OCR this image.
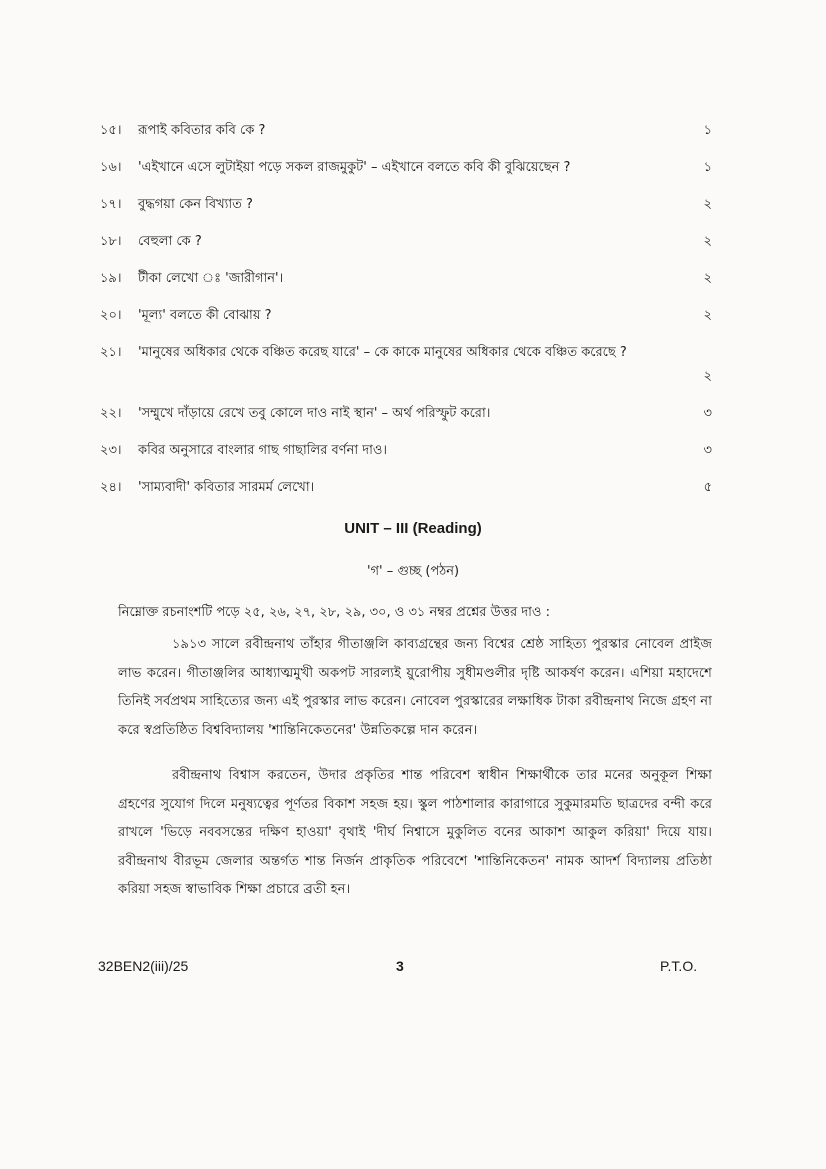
১৫।	রূপাই কবিতার কবি কে ?	১
১৬।	'এইখানে এসে লুটাইয়া পড়ে সকল রাজমুকুট' – এইখানে বলতে কবি কী বুঝিয়েছেন ?	১
১৭।	বুদ্ধগয়া কেন বিখ্যাত ?	২
১৮।	বেহুলা কে ?	২
১৯।	টীকা লেখো ঃ 'জারীগান'।	২
২০।	'মূল্য' বলতে কী বোঝায় ?	২
২১।	'মানুষের অধিকার থেকে বঞ্চিত করেছ যারে' – কে কাকে মানুষের অধিকার থেকে বঞ্চিত করেছে ?
২
২২।	'সম্মুখে দাঁড়ায়ে রেখে তবু কোলে দাও নাই স্থান' – অর্থ পরিস্ফুট করো।	৩
২৩।	কবির অনুসারে বাংলার গাছ গাছালির বর্ণনা দাও।	৩
২৪।	'সাম্যবাদী' কবিতার সারমর্ম লেখো।	৫
UNIT – III (Reading)
'গ' – গুচ্ছ (পঠন)
নিম্নোক্ত রচনাংশটি পড়ে ২৫, ২৬, ২৭, ২৮, ২৯, ৩০, ও ৩১ নম্বর প্রশ্নের উত্তর দাও :
১৯১৩ সালে রবীন্দ্রনাথ তাঁহার গীতাঞ্জলি কাব্যগ্রন্থের জন্য বিশ্বের শ্রেষ্ঠ সাহিত্য পুরস্কার নোবেল প্রাইজ লাভ করেন। গীতাঞ্জলির আধ্যাত্মমুখী অকপট সারল্যই য়ুরোপীয় সুধীমণ্ডলীর দৃষ্টি আকর্ষণ করেন। এশিয়া মহাদেশে তিনিই সর্বপ্রথম সাহিত্যের জন্য এই পুরস্কার লাভ করেন। নোবেল পুরস্কারের লক্ষাধিক টাকা রবীন্দ্রনাথ নিজে গ্রহণ না করে স্বপ্রতিষ্ঠিত বিশ্ববিদ্যালয় 'শান্তিনিকেতনের' উন্নতিকল্পে দান করেন।
রবীন্দ্রনাথ বিশ্বাস করতেন, উদার প্রকৃতির শান্ত পরিবেশ স্বাধীন শিক্ষার্থীকে তার মনের অনুকূল শিক্ষা গ্রহণের সুযোগ দিলে মনুষ্যত্বের পূর্ণতর বিকাশ সহজ হয়। স্কুল পাঠশালার কারাগারে সুকুমারমতি ছাত্রদের বন্দী করে রাখলে 'ভিড়ে নববসন্তের দক্ষিণ হাওয়া' বৃথাই 'দীর্ঘ নিশ্বাসে মুকুলিত বনের আকাশ আকুল করিয়া' দিয়ে যায়। রবীন্দ্রনাথ বীরভূম জেলার অন্তর্গত শান্ত নির্জন প্রাকৃতিক পরিবেশে 'শান্তিনিকেতন' নামক আদর্শ বিদ্যালয় প্রতিষ্ঠা করিয়া সহজ স্বাভাবিক শিক্ষা প্রচারে ব্রতী হন।
32BEN2(iii)/25	3	P.T.O.
